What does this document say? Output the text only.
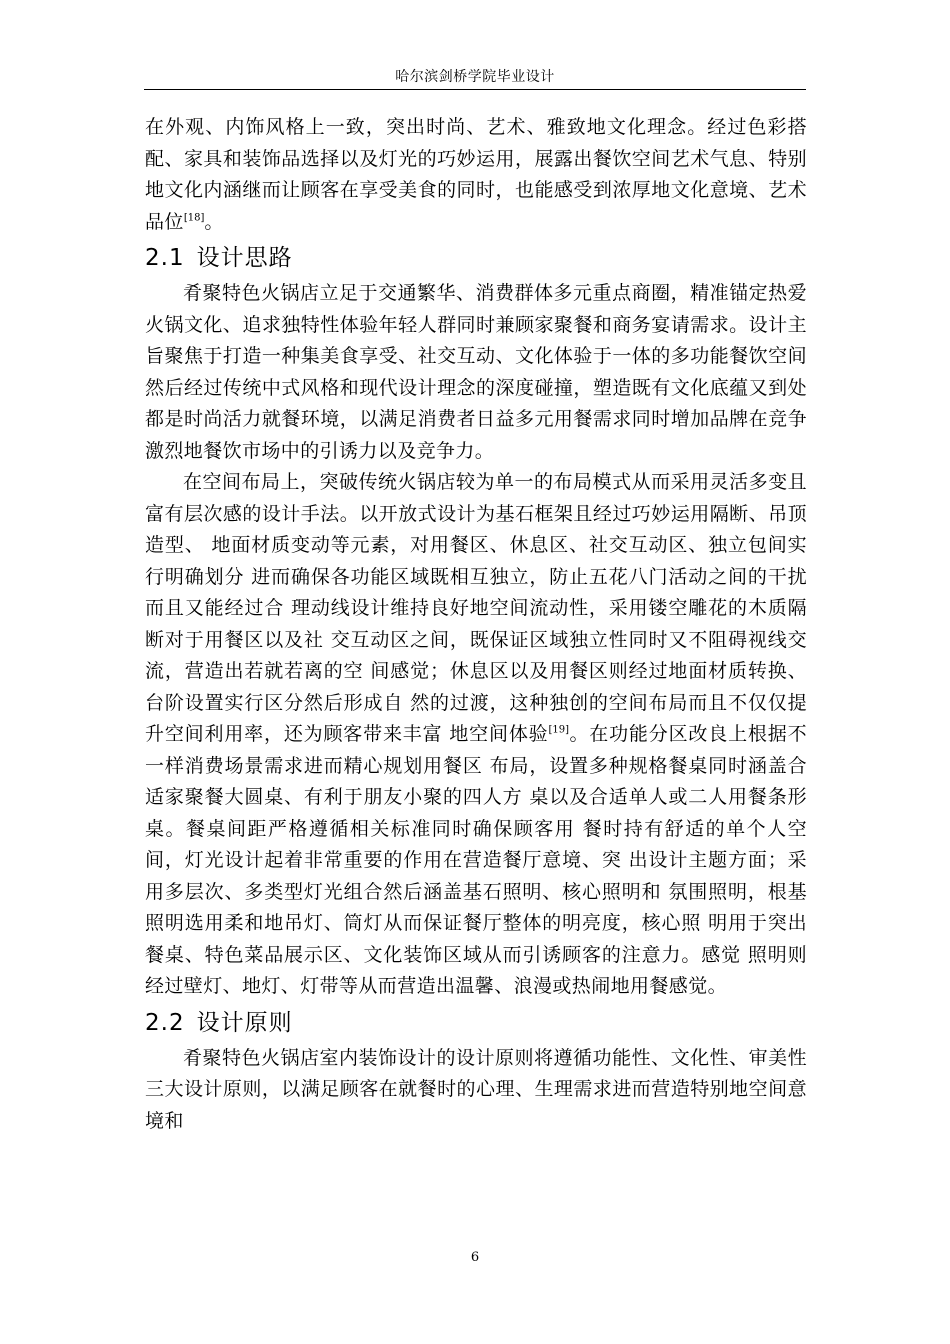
哈尔滨剑桥学院毕业设计

在外观、内饰风格上一致，突出时尚、艺术、雅致地文化理念。经过色彩搭配、家具和装饰品选择以及灯光的巧妙运用，展露出餐饮空间艺术气息、特别地文化内涵继而让顾客在享受美食的同时，也能感受到浓厚地文化意境、艺术品位[18]。

2.1 设计思路

肴聚特色火锅店立足于交通繁华、消费群体多元重点商圈，精准锚定热爱火锅文化、追求独特性体验年轻人群同时兼顾家聚餐和商务宴请需求。设计主旨聚焦于打造一种集美食享受、社交互动、文化体验于一体的多功能餐饮空间然后经过传统中式风格和现代设计理念的深度碰撞，塑造既有文化底蕴又到处都是时尚活力就餐环境，以满足消费者日益多元用餐需求同时增加品牌在竞争激烈地餐饮市场中的引诱力以及竞争力。

在空间布局上，突破传统火锅店较为单一的布局模式从而采用灵活多变且富有层次感的设计手法。以开放式设计为基石框架且经过巧妙运用隔断、吊顶造型、 地面材质变动等元素，对用餐区、休息区、社交互动区、独立包间实行明确划分 进而确保各功能区域既相互独立，防止五花八门活动之间的干扰而且又能经过合 理动线设计维持良好地空间流动性，采用镂空雕花的木质隔断对于用餐区以及社 交互动区之间，既保证区域独立性同时又不阻碍视线交流，营造出若就若离的空 间感觉；休息区以及用餐区则经过地面材质转换、台阶设置实行区分然后形成自 然的过渡，这种独创的空间布局而且不仅仅提升空间利用率，还为顾客带来丰富 地空间体验[19]。在功能分区改良上根据不一样消费场景需求进而精心规划用餐区 布局，设置多种规格餐桌同时涵盖合适家聚餐大圆桌、有利于朋友小聚的四人方 桌以及合适单人或二人用餐条形桌。餐桌间距严格遵循相关标准同时确保顾客用 餐时持有舒适的单个人空间，灯光设计起着非常重要的作用在营造餐厅意境、突 出设计主题方面；采用多层次、多类型灯光组合然后涵盖基石照明、核心照明和 氛围照明，根基照明选用柔和地吊灯、筒灯从而保证餐厅整体的明亮度，核心照 明用于突出餐桌、特色菜品展示区、文化装饰区域从而引诱顾客的注意力。感觉 照明则经过壁灯、地灯、灯带等从而营造出温馨、浪漫或热闹地用餐感觉。

2.2 设计原则

肴聚特色火锅店室内装饰设计的设计原则将遵循功能性、文化性、审美性三大设计原则，以满足顾客在就餐时的心理、生理需求进而营造特别地空间意境和

6
